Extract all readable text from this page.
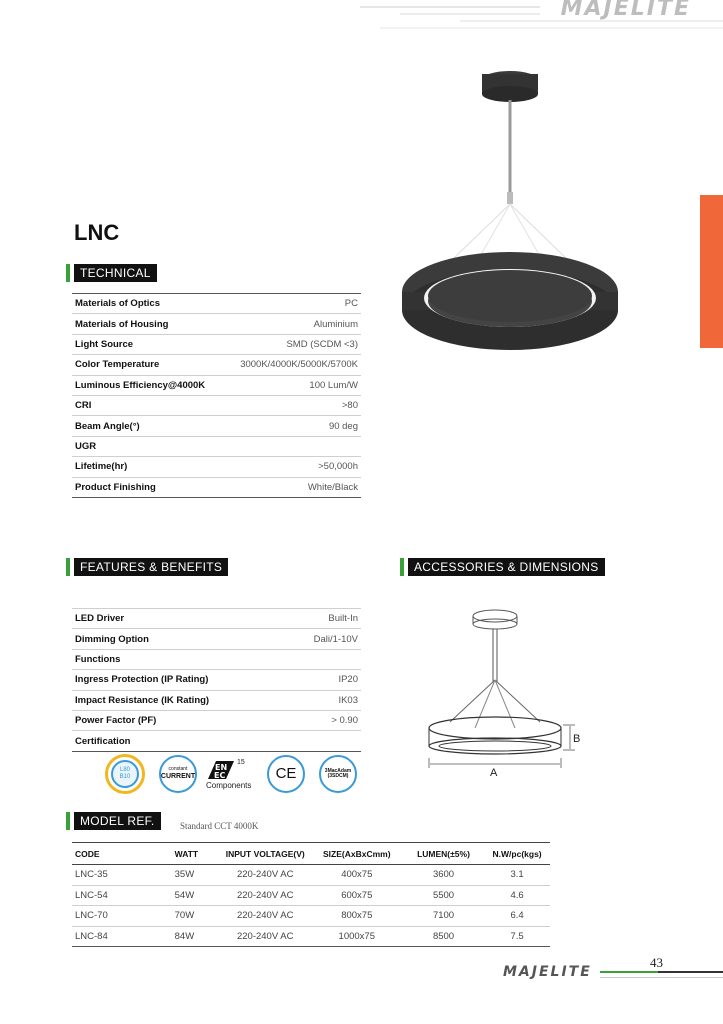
MAJELITE
LNC
TECHNICAL
Materials of Optics	PC
Materials of Housing	Aluminium
Light Source	SMD (SCDM <3)
Color Temperature	3000K/4000K/5000K/5700K
Luminous Efficiency@4000K	100 Lum/W
CRI	>80
Beam Angle(°)	90 deg
UGR	
Lifetime(hr)	>50,000h
Product Finishing	White/Black
FEATURES & BENEFITS
LED Driver	Built-In
Dimming Option	Dali/1-10V
Functions	
Ingress Protection (IP Rating)	IP20
Impact Resistance (IK Rating)	IK03
Power Factor (PF)	> 0.90
Certification	
L80
B10
constant
CURRENT
EN
EC
15
Components
CE	3MacAdam
(3SDCM)
ACCESSORIES & DIMENSIONS
B
A
MODEL REF.	Standard CCT 4000K
CODE	WATT	INPUT VOLTAGE(V)	SIZE(AxBxCmm)	LUMEN(±5%)	N.W/pc(kgs)
LNC-35	35W	220-240V AC	400x75	3600	3.1
LNC-54	54W	220-240V AC	600x75	5500	4.6
LNC-70	70W	220-240V AC	800x75	7100	6.4
LNC-84	84W	220-240V AC	1000x75	8500	7.5
43
MAJELITE
